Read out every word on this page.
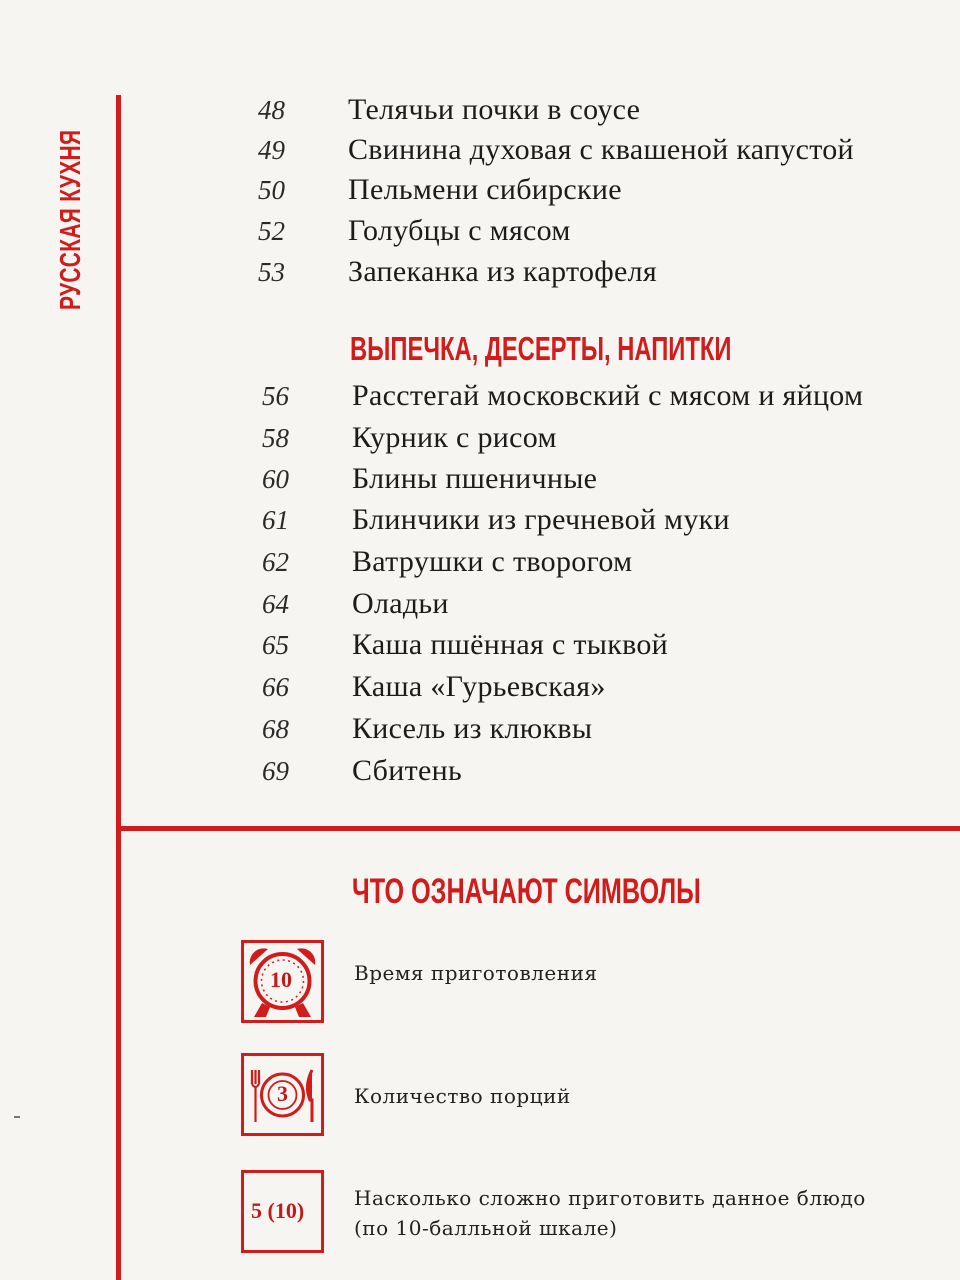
РУССКАЯ КУХНЯ
48	Телячьи почки в соусе
49	Свинина духовая с квашеной капустой
50	Пельмени сибирские
52	Голубцы с мясом
53	Запеканка из картофеля
ВЫПЕЧКА, ДЕСЕРТЫ, НАПИТКИ
56	Расстегай московский с мясом и яйцом
58	Курник с рисом
60	Блины пшеничные
61	Блинчики из гречневой муки
62	Ватрушки с творогом
64	Оладьи
65	Каша пшённая с тыквой
66	Каша «Гурьевская»
68	Кисель из клюквы
69	Сбитень
ЧТО ОЗНАЧАЮТ СИМВОЛЫ
10	Время приготовления
3	Количество порций
5 (10) Насколько сложно приготовить данное блюдо
(по 10-балльной шкале)
